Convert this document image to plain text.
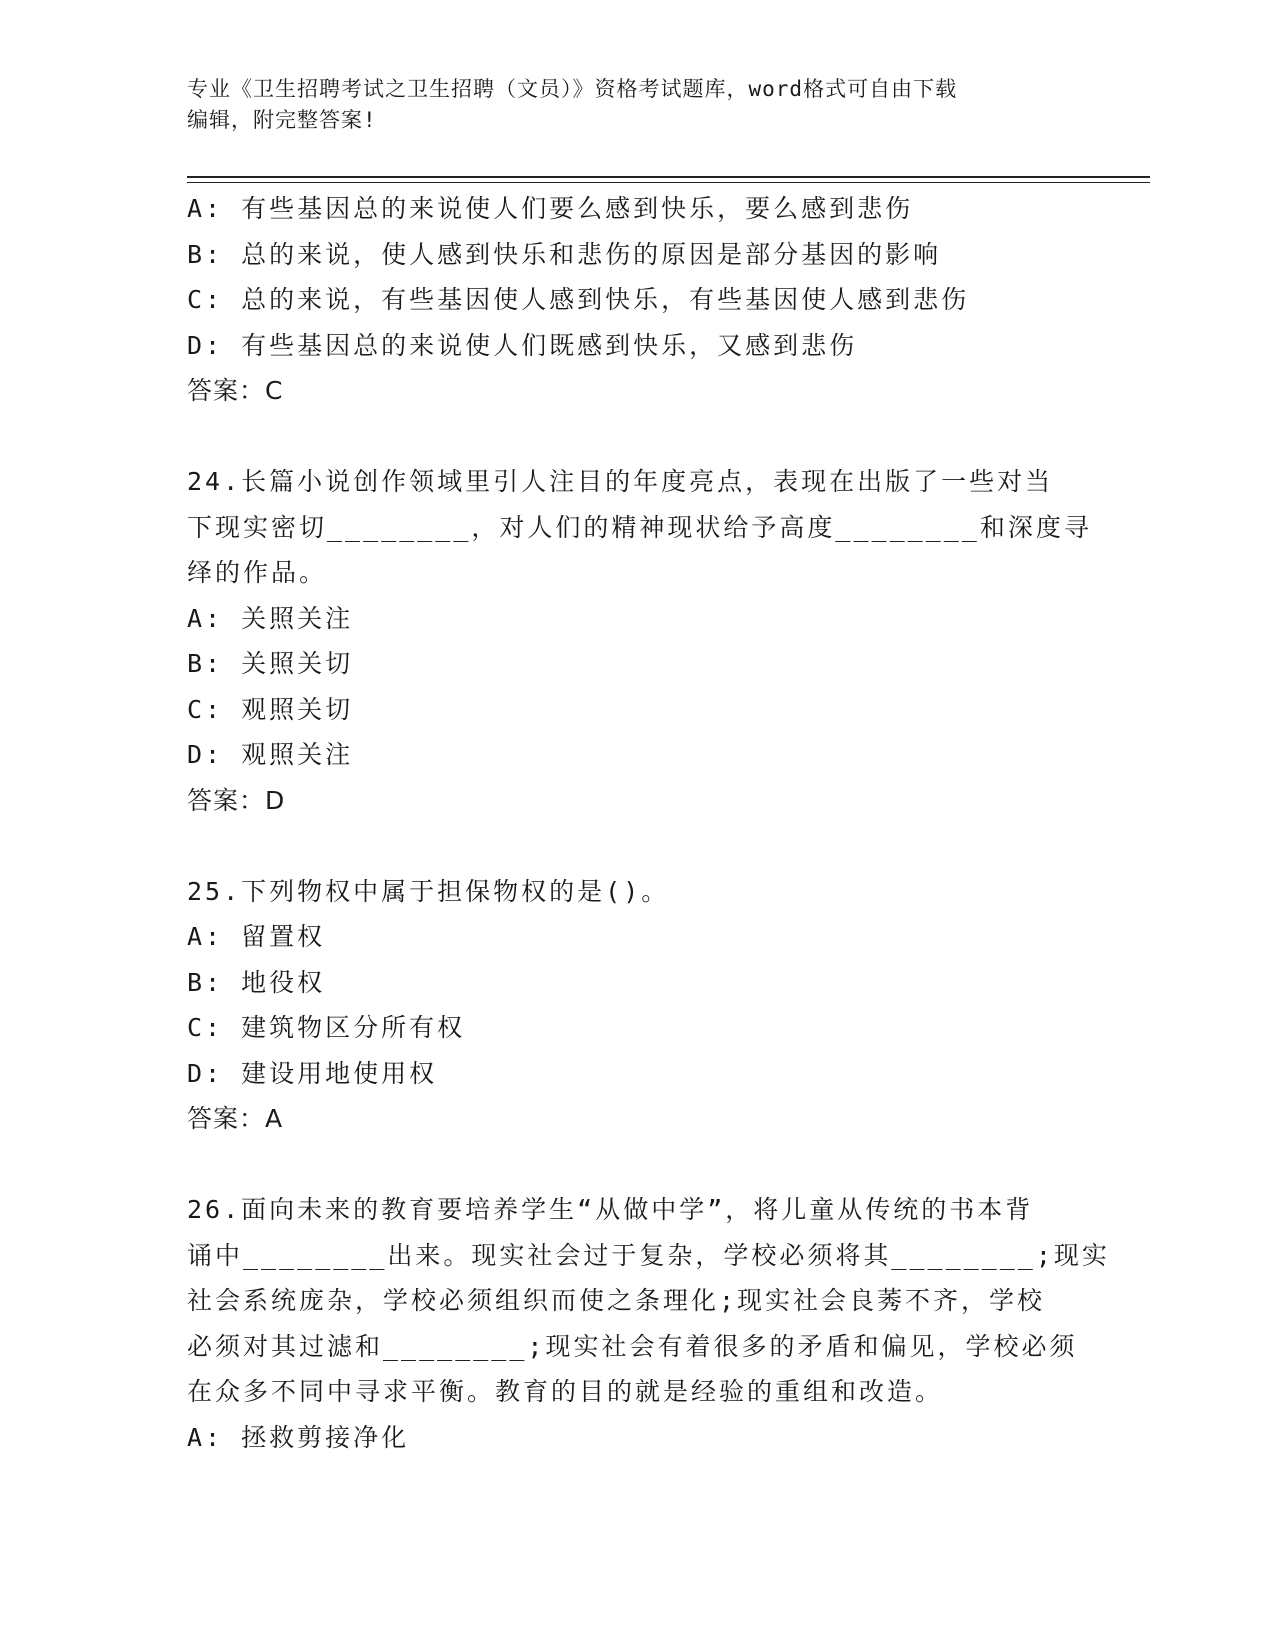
专业《卫生招聘考试之卫生招聘（文员）》资格考试题库，word格式可自由下载
编辑，附完整答案!
A: 有些基因总的来说使人们要么感到快乐，要么感到悲伤
B: 总的来说，使人感到快乐和悲伤的原因是部分基因的影响
C: 总的来说，有些基因使人感到快乐，有些基因使人感到悲伤
D: 有些基因总的来说使人们既感到快乐，又感到悲伤
答案：C
24.长篇小说创作领域里引人注目的年度亮点，表现在出版了一些对当
下现实密切________，对人们的精神现状给予高度________和深度寻
绎的作品。
A: 关照关注
B: 关照关切
C: 观照关切
D: 观照关注
答案：D
25.下列物权中属于担保物权的是()。
A: 留置权
B: 地役权
C: 建筑物区分所有权
D: 建设用地使用权
答案：A
26.面向未来的教育要培养学生“从做中学”，将儿童从传统的书本背
诵中________出来。现实社会过于复杂，学校必须将其________;现实
社会系统庞杂，学校必须组织而使之条理化;现实社会良莠不齐，学校
必须对其过滤和________;现实社会有着很多的矛盾和偏见，学校必须
在众多不同中寻求平衡。教育的目的就是经验的重组和改造。
A: 拯救剪接净化
